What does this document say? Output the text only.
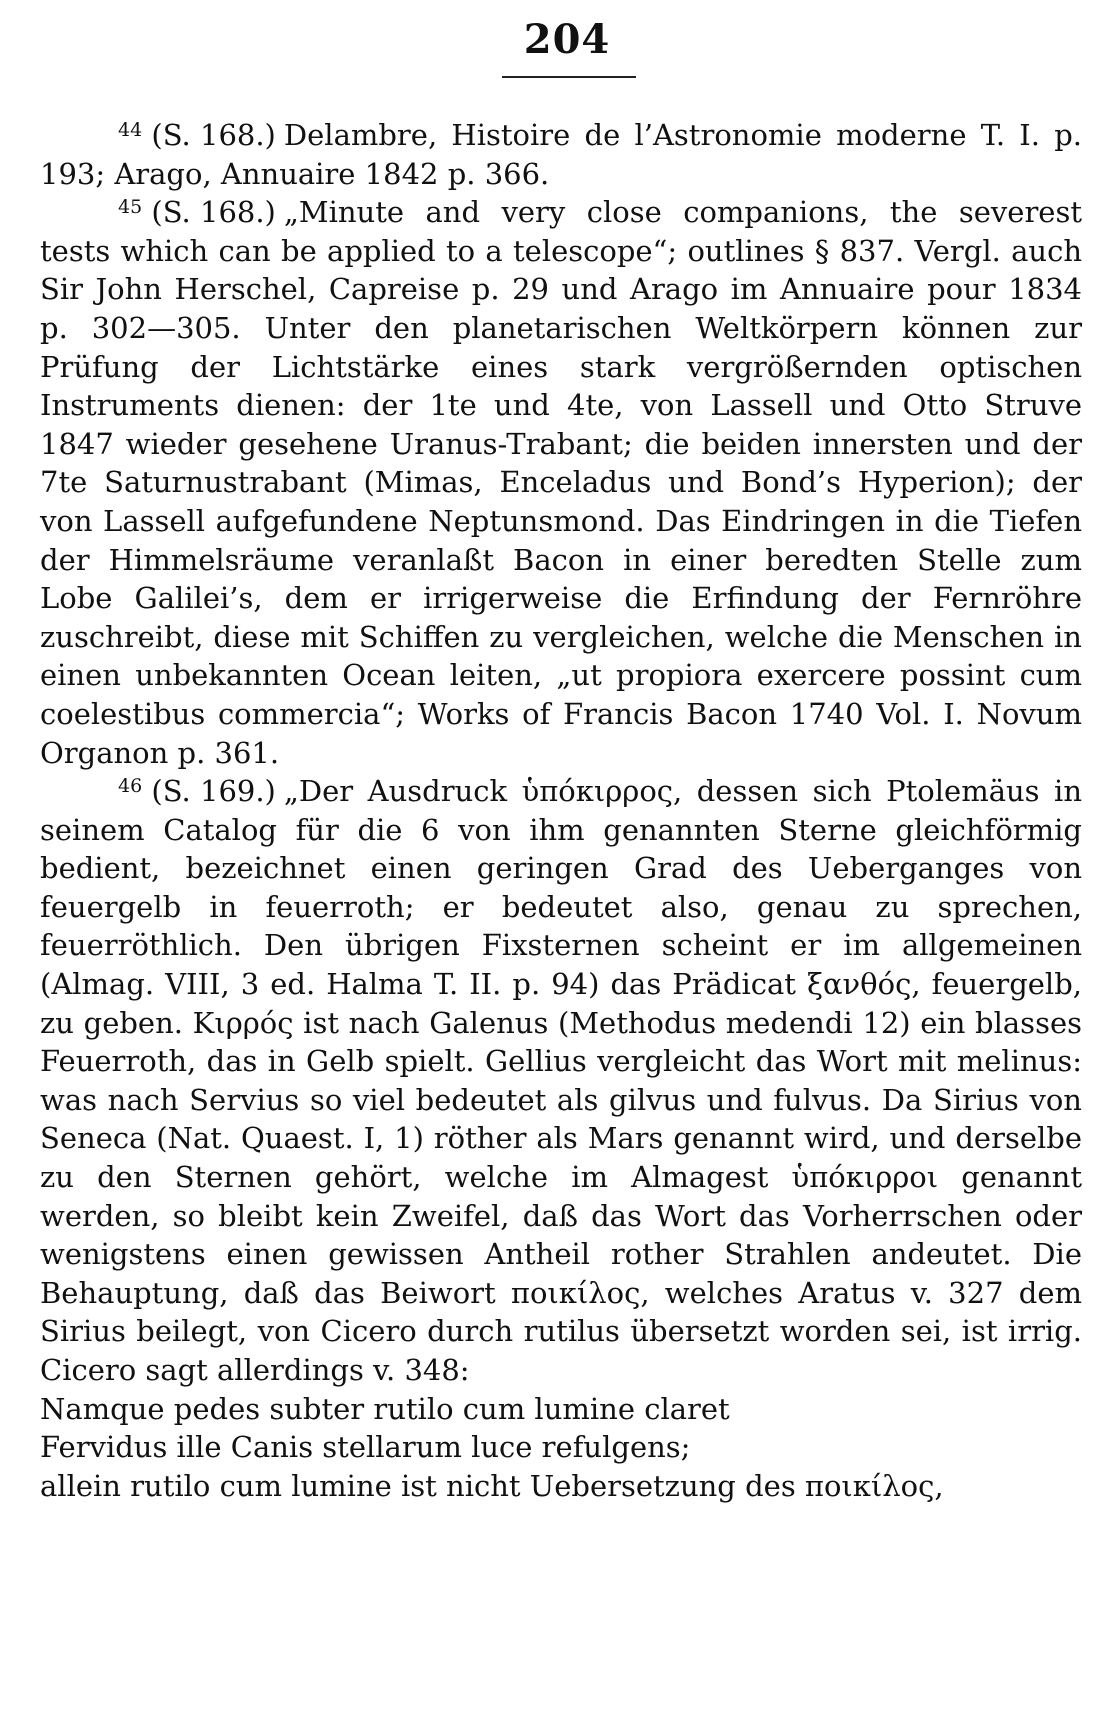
204

$^{44}$ (S. 168.) Delambre, Histoire de l’Astronomie moderne T. I. p. 193; Arago, Annuaire 1842 p. 366.

$^{45}$ (S. 168.) „Minute and very close companions, the severest tests which can be applied to a telescope“; outlines § 837. Vergl. auch Sir John Herschel, Capreise p. 29 und Arago im Annuaire pour 1834 p. 302—305. Unter den planetarischen Weltkörpern können zur Prüfung der Lichtstärke eines stark vergrößernden optischen Instruments dienen: der 1te und 4te, von Lassell und Otto Struve 1847 wieder gesehene Uranus-Trabant; die beiden innersten und der 7te Saturnustrabant (Mimas, Enceladus und Bond’s Hyperion); der von Lassell aufgefundene Neptunsmond. Das Eindringen in die Tiefen der Himmelsräume veranlaßt Bacon in einer beredten Stelle zum Lobe Galilei’s, dem er irrigerweise die Erfindung der Fernröhre zuschreibt, diese mit Schiffen zu vergleichen, welche die Menschen in einen unbekannten Ocean leiten, „ut propiora exercere possint cum coelestibus commercia“; Works of Francis Bacon 1740 Vol. I. Novum Organon p. 361.

$^{46}$ (S. 169.) „Der Ausdruck ὑπόκιρρος, dessen sich Ptolemäus in seinem Catalog für die 6 von ihm genannten Sterne gleichförmig bedient, bezeichnet einen geringen Grad des Ueberganges von feuergelb in feuerroth; er bedeutet also, genau zu sprechen, feuerröthlich. Den übrigen Fixsternen scheint er im allgemeinen (Almag. VIII, 3 ed. Halma T. II. p. 94) das Prädicat ξανθός, feuergelb, zu geben. Κιρρός ist nach Galenus (Methodus medendi 12) ein blasses Feuerroth, das in Gelb spielt. Gellius vergleicht das Wort mit melinus: was nach Servius so viel bedeutet als gilvus und fulvus. Da Sirius von Seneca (Nat. Quaest. I, 1) röther als Mars genannt wird, und derselbe zu den Sternen gehört, welche im Almagest ὑπόκιρροι genannt werden, so bleibt kein Zweifel, daß das Wort das Vorherrschen oder wenigstens einen gewissen Antheil rother Strahlen andeutet. Die Behauptung, daß das Beiwort ποικίλος, welches Aratus v. 327 dem Sirius beilegt, von Cicero durch rutilus übersetzt worden sei, ist irrig. Cicero sagt allerdings v. 348:

Namque pedes subter rutilo cum lumine claret

Fervidus ille Canis stellarum luce refulgens;

allein rutilo cum lumine ist nicht Uebersetzung des ποικίλος,
